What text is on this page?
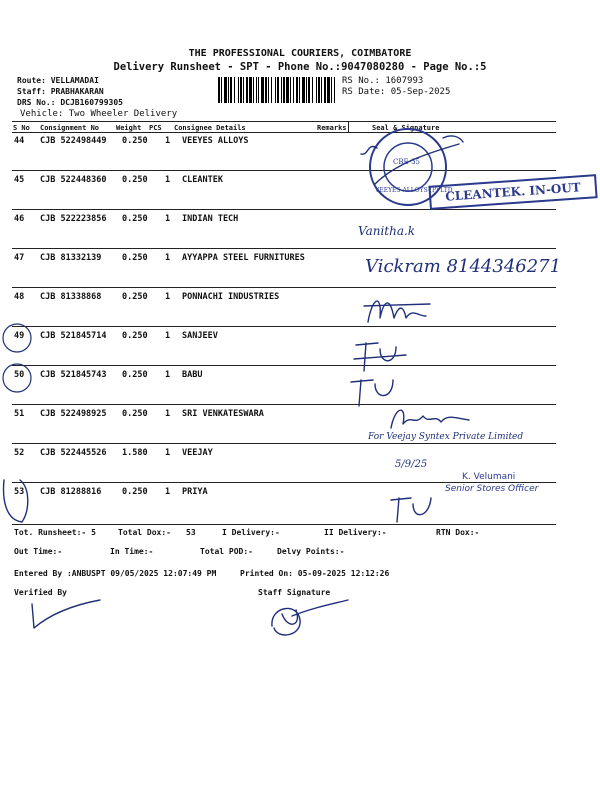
THE PROFESSIONAL COURIERS, COIMBATORE
Delivery Runsheet - SPT - Phone No.:9047080280 - Page No.:5
Route: VELLAMADAI
Staff: PRABHAKARAN
DRS No.: DCJB160799305
Vehicle: Two Wheeler Delivery
RS No.: 1607993
RS Date: 05-Sep-2025
S No Consignment No Weight PCS Consignee Details	Remarks	Seal & Signature
44 CJB 522498449 0.250 1 VEEYES ALLOYS
45 CJB 522448360 0.250 1 CLEANTEK
46 CJB 522223856 0.250 1 INDIAN TECH
47 CJB 81332139 0.250 1 AYYAPPA STEEL FURNITURES
48 CJB 81338868 0.250 1 PONNACHI INDUSTRIES
49 CJB 521845714 0.250 1 SANJEEV
50 CJB 521845743 0.250 1 BABU
51 CJB 522498925 0.250 1 SRI VENKATESWARA
52 CJB 522445526 1.580 1 VEEJAY
53 CJB 81288816 0.250 1 PRIYA
CBE-35
VEEYES ALLOYS (P) LTD
CLEANTEK. IN-OUT
Vanitha.k
Vickram 8144346271
For Veejay Syntex Private Limited
5/9/25
K. Velumani
Senior Stores Officer
Tot. Runsheet:- 5	Total Dox:- 53	I Delivery:-	II Delivery:-	RTN Dox:-
Out Time:-	In Time:-	Total POD:-	Delvy Points:-
Entered By :ANBUSPT 09/05/2025 12:07:49 PM	Printed On: 05-09-2025 12:12:26
Verified By	Staff Signature
